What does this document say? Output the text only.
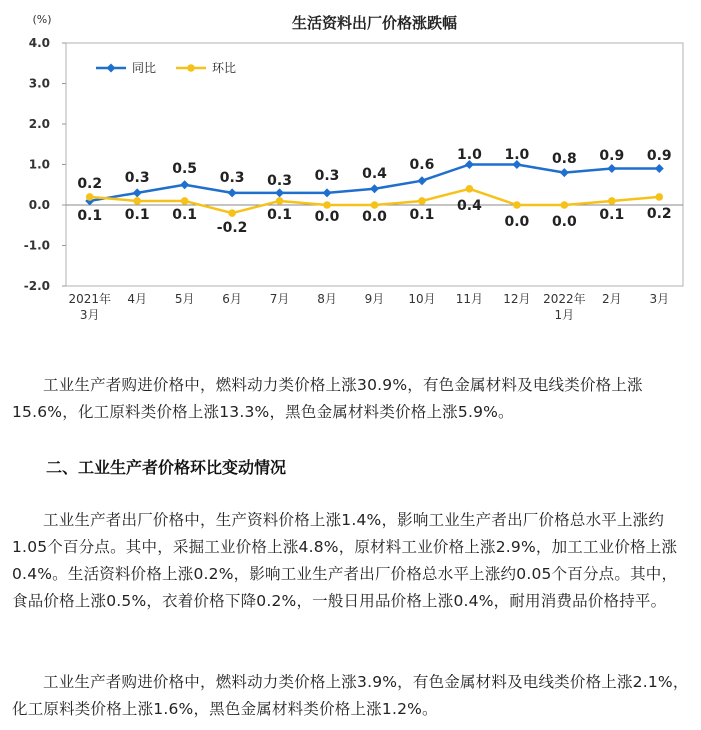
生活资料出厂价格涨跌幅
(%)
4.0
3.0
2.0
1.0
0.0
-1.0
-2.0
2021年
3月
4月 5月 6月 7月 8月 9月 10月 11月 12月 2022年
1月
2月 3月
0.2 0.3
0.5
0.3 0.3 0.3 0.4
0.6
1.0 1.0 0.8 0.9 0.9
0.1 0.1 0.1
-0.2
0.1 0.0 0.0 0.1
0.4
0.0 0.0 0.1 0.2
同比	环比

工业生产者购进价格中，燃料动力类价格上涨30.9%，有色金属材料及电线类价格上涨15.6%，化工原料类价格上涨13.3%，黑色金属材料类价格上涨5.9%。

二、工业生产者价格环比变动情况

工业生产者出厂价格中，生产资料价格上涨1.4%，影响工业生产者出厂价格总水平上涨约1.05个百分点。其中，采掘工业价格上涨4.8%，原材料工业价格上涨2.9%，加工工业价格上涨0.4%。生活资料价格上涨0.2%，影响工业生产者出厂价格总水平上涨约0.05个百分点。其中，食品价格上涨0.5%，衣着价格下降0.2%，一般日用品价格上涨0.4%，耐用消费品价格持平。

工业生产者购进价格中，燃料动力类价格上涨3.9%，有色金属材料及电线类价格上涨2.1%，化工原料类价格上涨1.6%，黑色金属材料类价格上涨1.2%。
